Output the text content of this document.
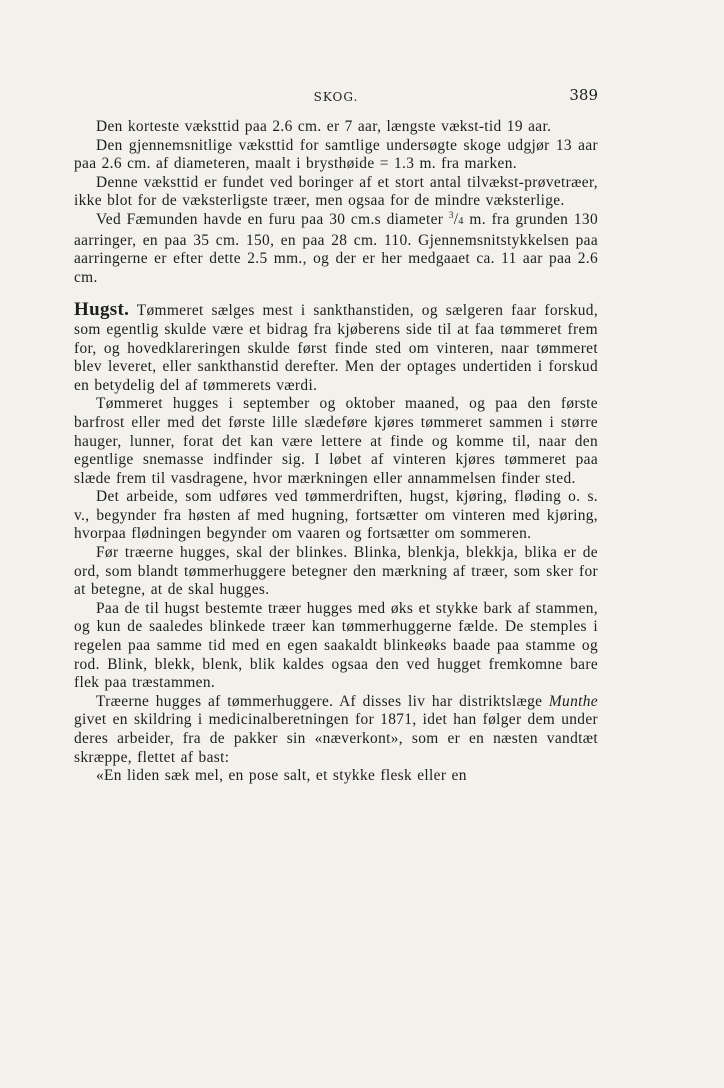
SKOG.	389

Den korteste væksttid paa 2.6 cm. er 7 aar, længste vækst-tid 19 aar.

Den gjennemsnitlige væksttid for samtlige undersøgte skoge udgjør 13 aar paa 2.6 cm. af diameteren, maalt i brysthøide = 1.3 m. fra marken.

Denne væksttid er fundet ved boringer af et stort antal tilvækst-prøvetræer, ikke blot for de væksterligste træer, men ogsaa for de mindre væksterlige.

Ved Fæmunden havde en furu paa 30 cm.s diameter $^3$/4 m. fra grunden 130 aarringer, en paa 35 cm. 150, en paa 28 cm. 110. Gjennemsnitstykkelsen paa aarringerne er efter dette 2.5 mm., og der er her medgaaet ca. 11 aar paa 2.6 cm.

Hugst. Tømmeret sælges mest i sankthanstiden, og sælgeren faar forskud, som egentlig skulde være et bidrag fra kjøberens side til at faa tømmeret frem for, og hovedklareringen skulde først finde sted om vinteren, naar tømmeret blev leveret, eller sankthanstid derefter. Men der optages undertiden i forskud en betydelig del af tømmerets værdi.

Tømmeret hugges i september og oktober maaned, og paa den første barfrost eller med det første lille slædeføre kjøres tømmeret sammen i større hauger, lunner, forat det kan være lettere at finde og komme til, naar den egentlige snemasse indfinder sig. I løbet af vinteren kjøres tømmeret paa slæde frem til vasdragene, hvor mærkningen eller annammelsen finder sted.

Det arbeide, som udføres ved tømmerdriften, hugst, kjøring, fløding o. s. v., begynder fra høsten af med hugning, fortsætter om vinteren med kjøring, hvorpaa flødningen begynder om vaaren og fortsætter om sommeren.

Før træerne hugges, skal der blinkes. Blinka, blenkja, blekkja, blika er de ord, som blandt tømmerhuggere betegner den mærkning af træer, som sker for at betegne, at de skal hugges.

Paa de til hugst bestemte træer hugges med øks et stykke bark af stammen, og kun de saaledes blinkede træer kan tømmerhuggerne fælde. De stemples i regelen paa samme tid med en egen saakaldt blinkeøks baade paa stamme og rod. Blink, blekk, blenk, blik kaldes ogsaa den ved hugget fremkomne bare flek paa træstammen.

Træerne hugges af tømmerhuggere. Af disses liv har distriktslæge Munthe givet en skildring i medicinalberetningen for 1871, idet han følger dem under deres arbeider, fra de pakker sin «næverkont», som er en næsten vandtæt skræppe, flettet af bast:

«En liden sæk mel, en pose salt, et stykke flesk eller en
